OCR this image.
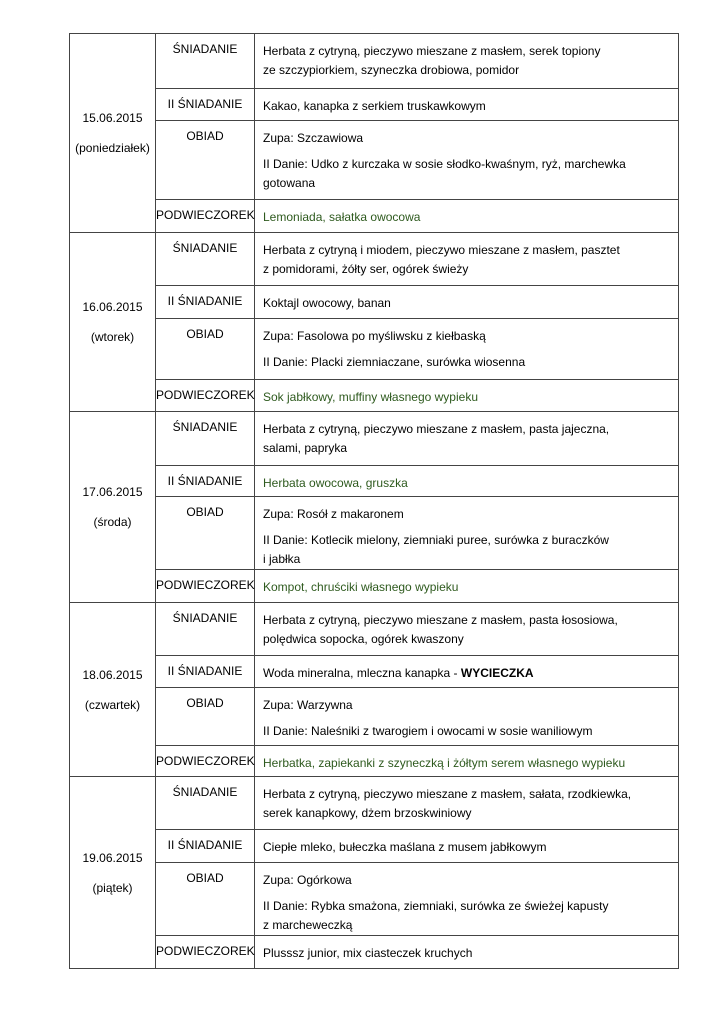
15.06.2015
(poniedziałek)	ŚNIADANIE	Herbata z cytryną, pieczywo mieszane z masłem, serek topiony
ze szczypiorkiem, szyneczka drobiowa, pomidor

	II ŚNIADANIE	Kakao, kanapka z serkiem truskawkowym

	OBIAD	Zupa: Szczawiowa
II Danie: Udko z kurczaka w sosie słodko-kwaśnym, ryż, marchewka
gotowana

	PODWIECZOREK	Lemoniada, sałatka owocowa

16.06.2015
(wtorek)	ŚNIADANIE	Herbata z cytryną i miodem, pieczywo mieszane z masłem, pasztet
z pomidorami, żółty ser, ogórek świeży

	II ŚNIADANIE	Koktajl owocowy, banan

	OBIAD	Zupa: Fasolowa po myśliwsku z kiełbaską
II Danie: Placki ziemniaczane, surówka wiosenna

	PODWIECZOREK	Sok jabłkowy, muffiny własnego wypieku

17.06.2015
(środa)	ŚNIADANIE	Herbata z cytryną, pieczywo mieszane z masłem, pasta jajeczna,
salami, papryka

	II ŚNIADANIE	Herbata owocowa, gruszka

	OBIAD	Zupa: Rosół z makaronem
II Danie: Kotlecik mielony, ziemniaki puree, surówka z buraczków
i jabłka

	PODWIECZOREK	Kompot, chruściki własnego wypieku

18.06.2015
(czwartek)	ŚNIADANIE	Herbata z cytryną, pieczywo mieszane z masłem, pasta łososiowa,
polędwica sopocka, ogórek kwaszony

	II ŚNIADANIE	Woda mineralna, mleczna kanapka - WYCIECZKA

	OBIAD	Zupa: Warzywna
II Danie: Naleśniki z twarogiem i owocami w sosie waniliowym

	PODWIECZOREK	Herbatka, zapiekanki z szyneczką i żółtym serem własnego wypieku

19.06.2015
(piątek)	ŚNIADANIE	Herbata z cytryną, pieczywo mieszane z masłem, sałata, rzodkiewka,
serek kanapkowy, dżem brzoskwiniowy

	II ŚNIADANIE	Ciepłe mleko, bułeczka maślana z musem jabłkowym

	OBIAD	Zupa: Ogórkowa
II Danie: Rybka smażona, ziemniaki, surówka ze świeżej kapusty
z marcheweczką

	PODWIECZOREK	Plusssz junior, mix ciasteczek kruchych
